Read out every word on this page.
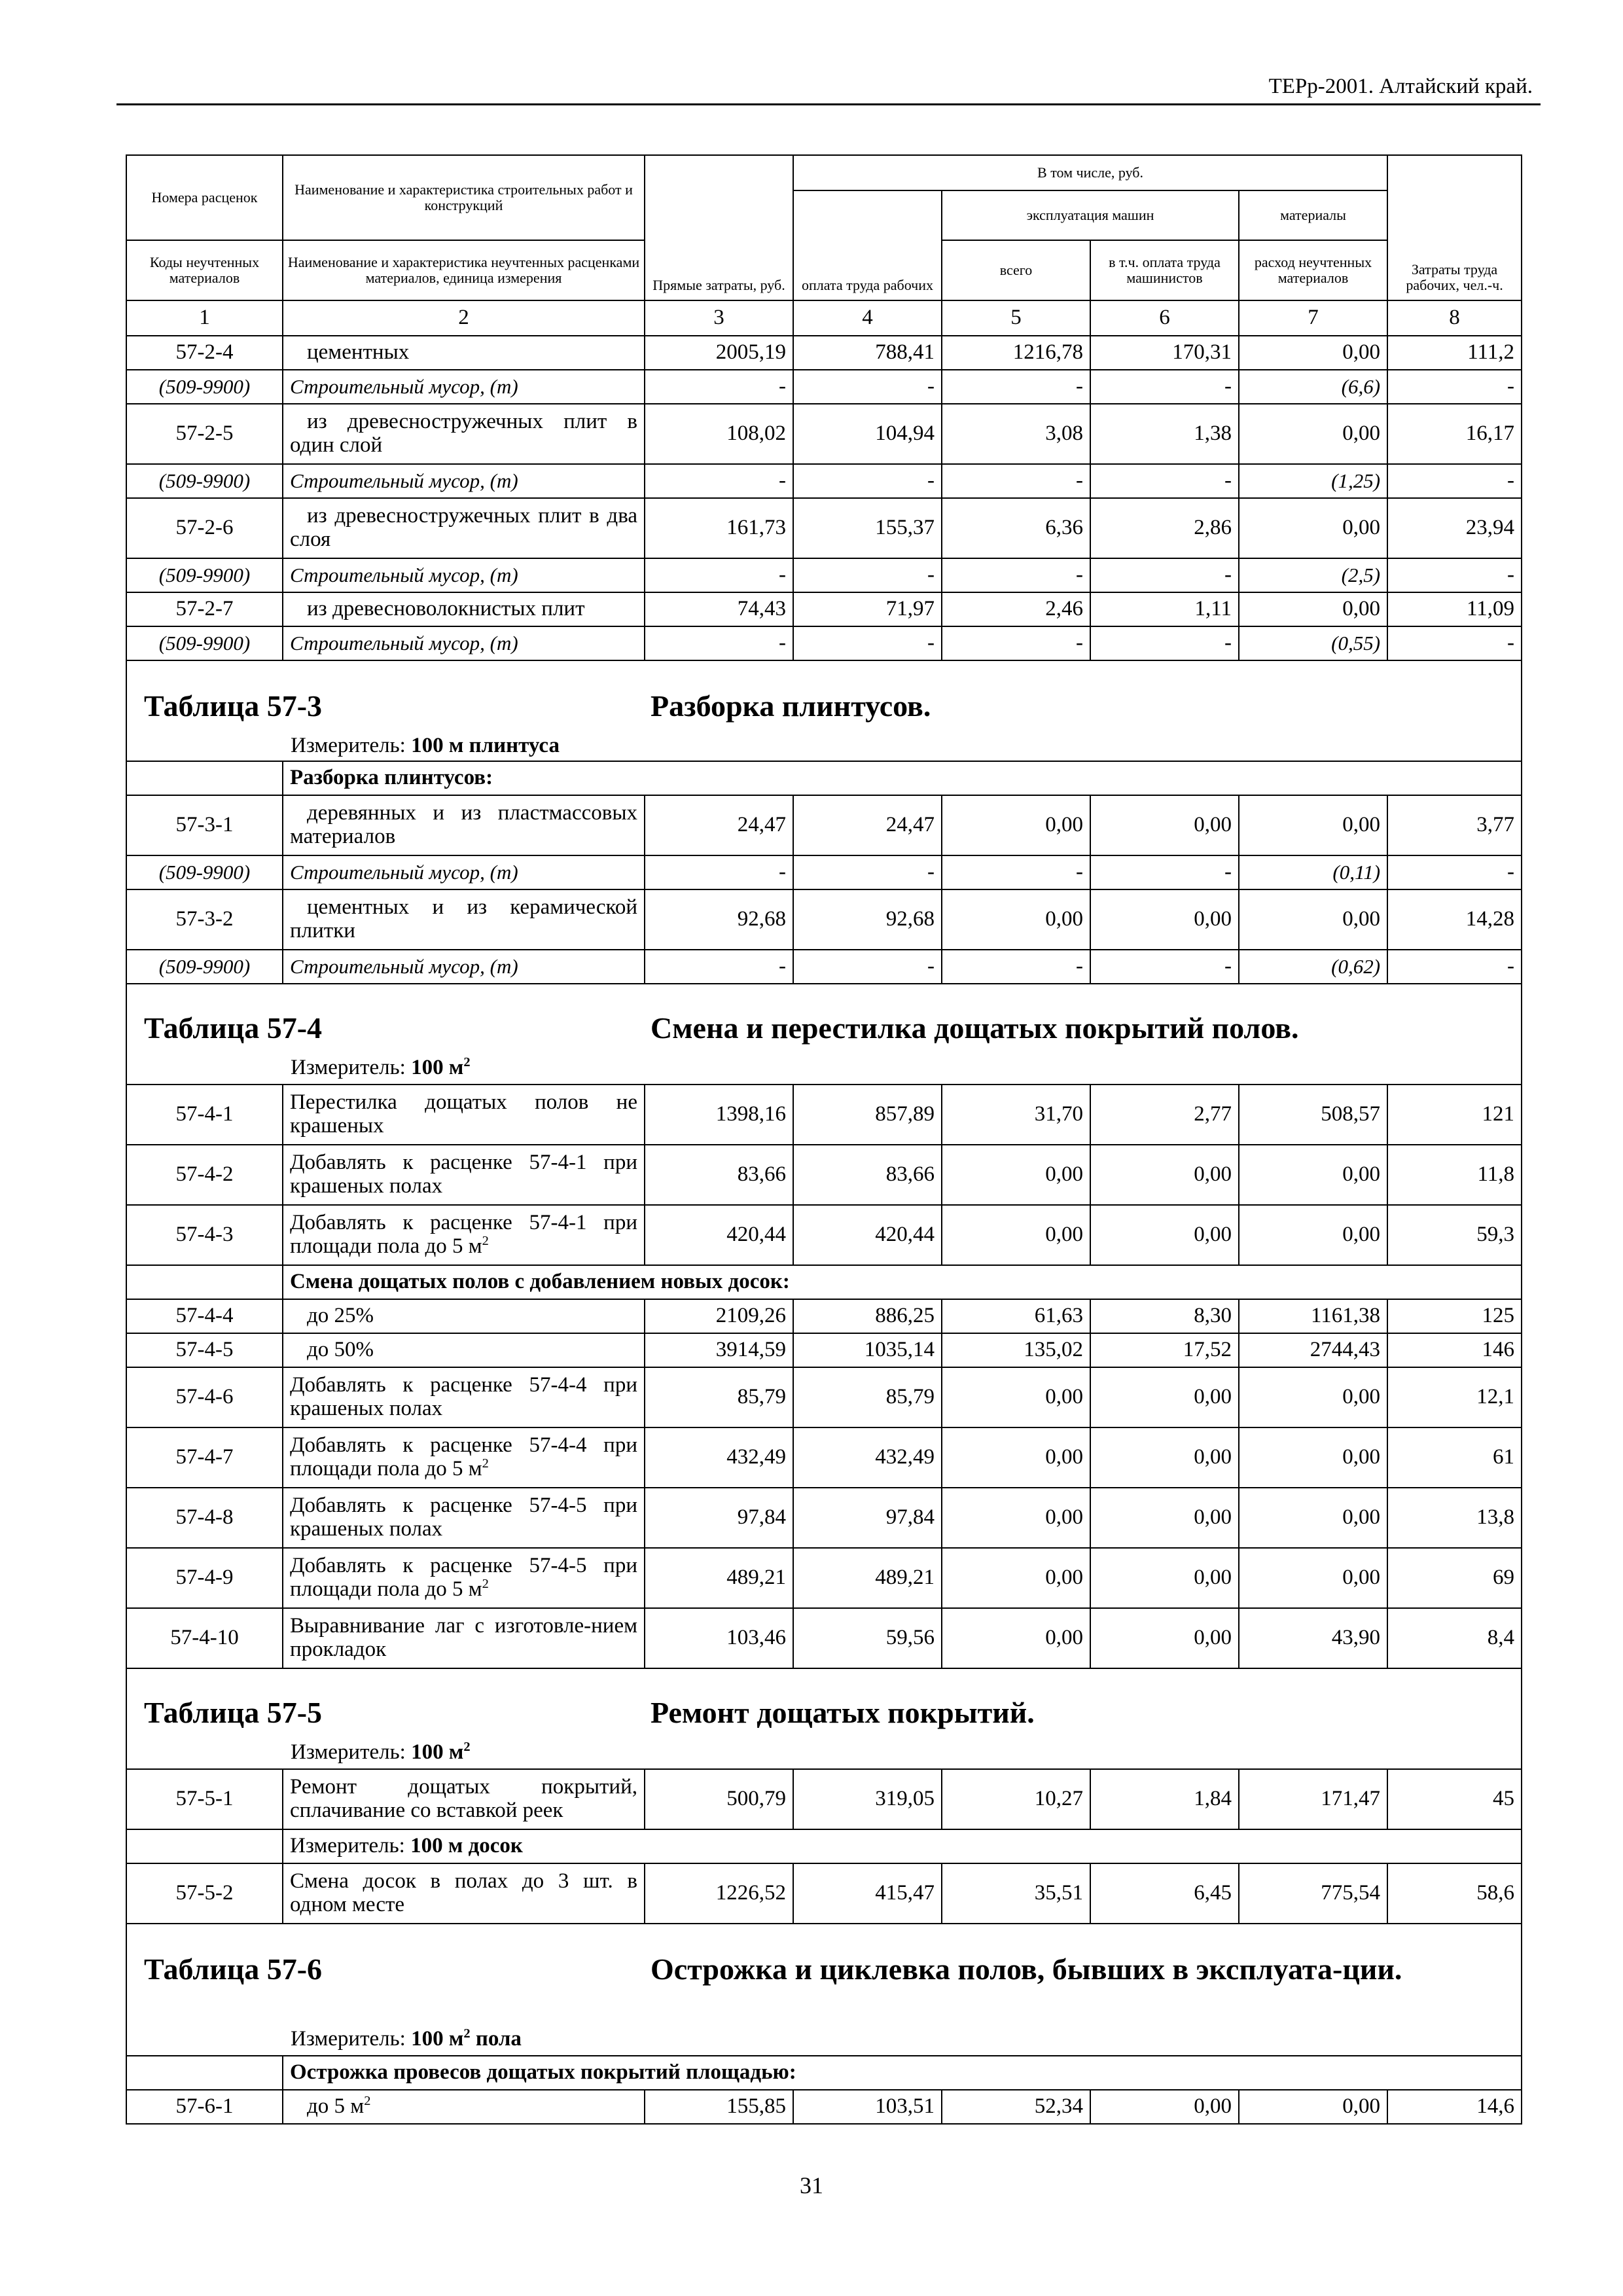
ТЕРр-2001. Алтайский край.
Номера расценок	Наименование и характеристика строительных работ и конструкций	Прямые затраты, руб.	В том числе, руб.				Затраты труда рабочих, чел.-ч.
			оплата труда рабочих	эксплуатация машин		материалы	
Коды неучтенных материалов	Наименование и характеристика неучтенных расценками материалов, единица измерения			всего	в т.ч. оплата труда машинистов	расход неучтенных материалов	
1	2	3	4	5	6	7	8
57-2-4	цементных	2005,19	788,41	1216,78	170,31	0,00	111,2
(509-9900)	Строительный мусор, (т)	-	-	-	-	(6,6)	-
57-2-5	из древесностружечных плит в один слой	108,02	104,94	3,08	1,38	0,00	16,17
(509-9900)	Строительный мусор, (т)	-	-	-	-	(1,25)	-
57-2-6	из древесностружечных плит в два слоя	161,73	155,37	6,36	2,86	0,00	23,94
(509-9900)	Строительный мусор, (т)	-	-	-	-	(2,5)	-
57-2-7	из древесноволокнистых плит	74,43	71,97	2,46	1,11	0,00	11,09
(509-9900)	Строительный мусор, (т)	-	-	-	-	(0,55)	-

Таблица 57-3 Разборка плинтусов.
Измеритель: 100 м плинтуса							

	Разборка плинтусов:						
57-3-1	деревянных и из пластмассовых материалов	24,47	24,47	0,00	0,00	0,00	3,77
(509-9900)	Строительный мусор, (т)	-	-	-	-	(0,11)	-
57-3-2	цементных и из керамической плитки	92,68	92,68	0,00	0,00	0,00	14,28
(509-9900)	Строительный мусор, (т)	-	-	-	-	(0,62)	-

Таблица 57-4 Смена и перестилка дощатых покрытий полов.
Измеритель: 100 $м^2$

57-4-1	Перестилка дощатых полов не крашеных	1398,16	857,89	31,70	2,77	508,57	121
57-4-2	Добавлять к расценке 57-4-1 при крашеных полах	83,66	83,66	0,00	0,00	0,00	11,8
57-4-3	Добавлять к расценке 57-4-1 при площади пола до 5 $м^2$	420,44	420,44	0,00	0,00	0,00	59,3
	Смена дощатых полов с добавлением новых досок:						
57-4-4	до 25%	2109,26	886,25	61,63	8,30	1161,38	125
57-4-5	до 50%	3914,59	1035,14	135,02	17,52	2744,43	146
57-4-6	Добавлять к расценке 57-4-4 при крашеных полах	85,79	85,79	0,00	0,00	0,00	12,1
57-4-7	Добавлять к расценке 57-4-4 при площади пола до 5 $м^2$	432,49	432,49	0,00	0,00	0,00	61
57-4-8	Добавлять к расценке 57-4-5 при крашеных полах	97,84	97,84	0,00	0,00	0,00	13,8
57-4-9	Добавлять к расценке 57-4-5 при площади пола до 5 $м^2$	489,21	489,21	0,00	0,00	0,00	69
57-4-10	Выравнивание лаг с изготовле-нием прокладок	103,46	59,56	0,00	0,00	43,90	8,4

Таблица 57-5 Ремонт дощатых покрытий.
Измеритель: 100 $м^2$

57-5-1	Ремонт дощатых покрытий, сплачивание со вставкой реек	500,79	319,05	10,27	1,84	171,47	45
	Измеритель: 100 м досок						
57-5-2	Смена досок в полах до 3 шт. в одном месте	1226,52	415,47	35,51	6,45	775,54	58,6

Таблица 57-6 Острожка и циклевка полов, бывших в эксплуата-ции.
Измеритель: 100 $м^2$ пола							

	Острожка провесов дощатых покрытий площадью:						
57-6-1	до 5 $м^2$	155,85	103,51	52,34	0,00	0,00	14,6
31
